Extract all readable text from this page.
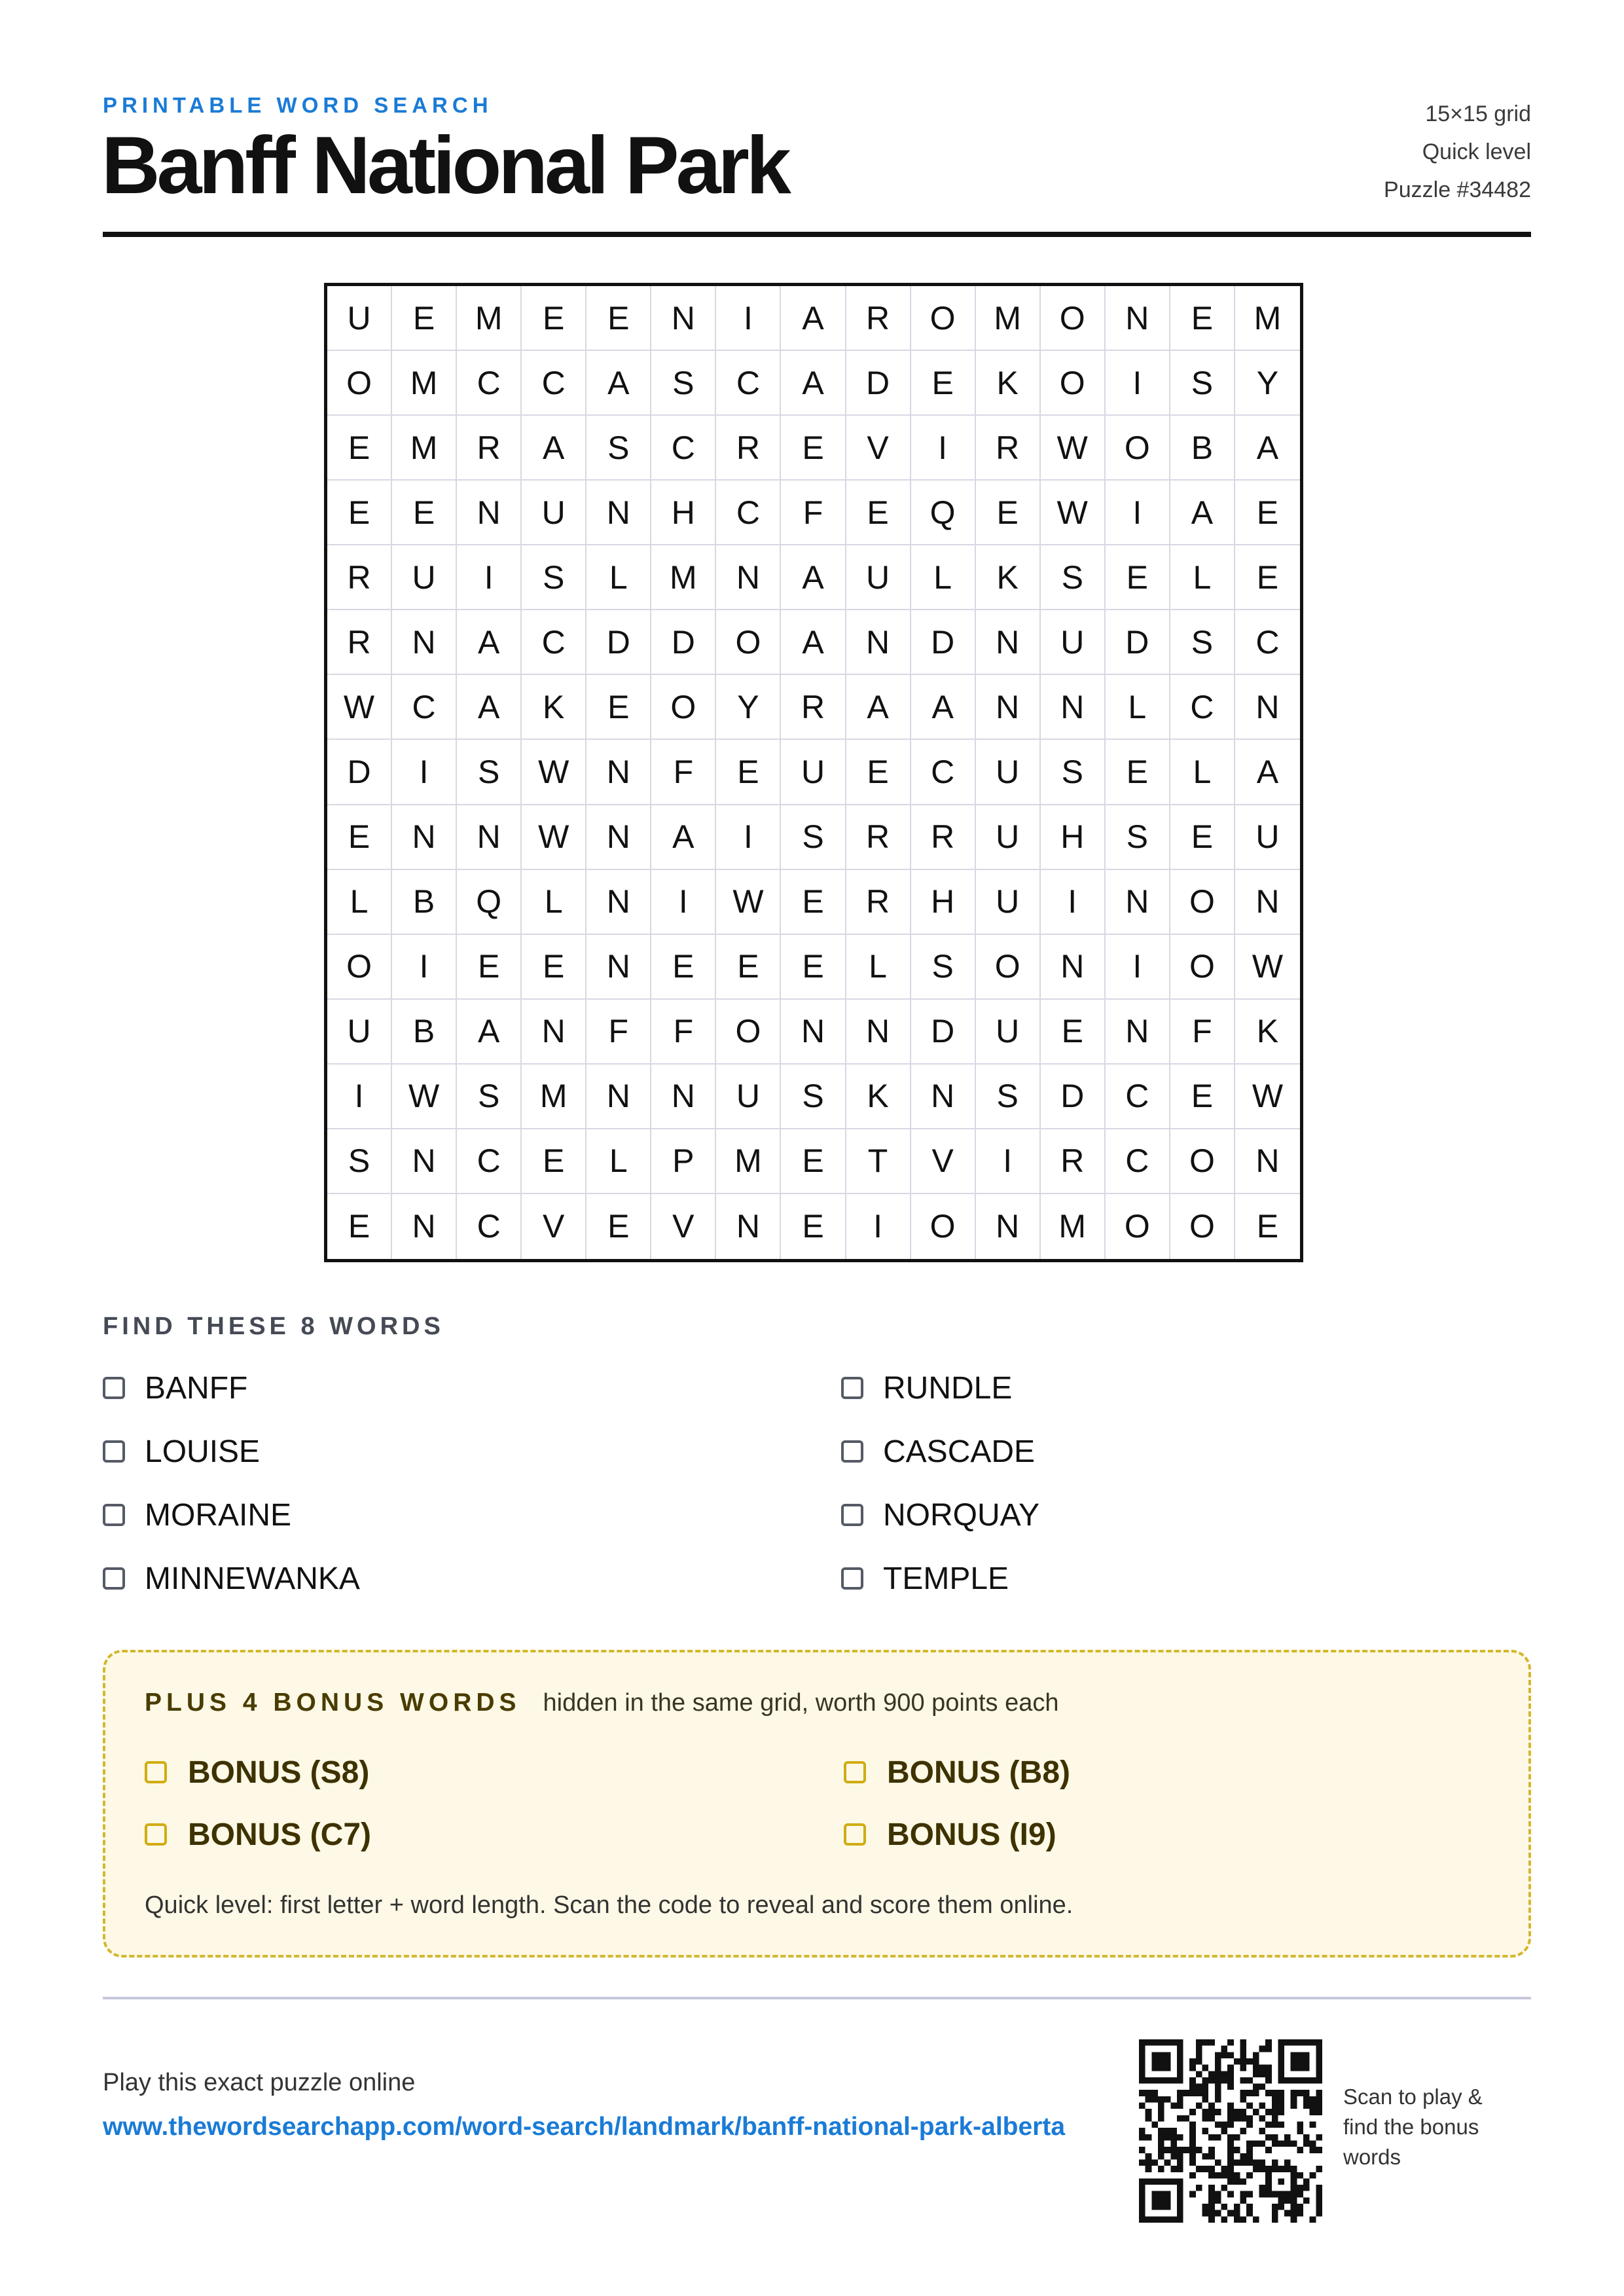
PRINTABLE WORD SEARCH
Banff National Park
15×15 grid
Quick level
Puzzle #34482
U	E	M	E	E	N	I	A	R	O	M	O	N	E	M
O	M	C	C	A	S	C	A	D	E	K	O	I	S	Y
E	M	R	A	S	C	R	E	V	I	R	W	O	B	A
E	E	N	U	N	H	C	F	E	Q	E	W	I	A	E
R	U	I	S	L	M	N	A	U	L	K	S	E	L	E
R	N	A	C	D	D	O	A	N	D	N	U	D	S	C
W	C	A	K	E	O	Y	R	A	A	N	N	L	C	N
D	I	S	W	N	F	E	U	E	C	U	S	E	L	A
E	N	N	W	N	A	I	S	R	R	U	H	S	E	U
L	B	Q	L	N	I	W	E	R	H	U	I	N	O	N
O	I	E	E	N	E	E	E	L	S	O	N	I	O	W
U	B	A	N	F	F	O	N	N	D	U	E	N	F	K
I	W	S	M	N	N	U	S	K	N	S	D	C	E	W
S	N	C	E	L	P	M	E	T	V	I	R	C	O	N
E	N	C	V	E	V	N	E	I	O	N	M	O	O	E
FIND THESE 8 WORDS
BANFF	RUNDLE
LOUISE	CASCADE
MORAINE	NORQUAY
MINNEWANKA	TEMPLE
PLUS 4 BONUS WORDS hidden in the same grid, worth 900 points each
BONUS (S8)	BONUS (B8)
BONUS (C7)	BONUS (I9)
Quick level: first letter + word length. Scan the code to reveal and score them online.
Play this exact puzzle online
www.thewordsearchapp.com/word-search/landmark/banff-national-park-alberta
Scan to play & find the bonus words
